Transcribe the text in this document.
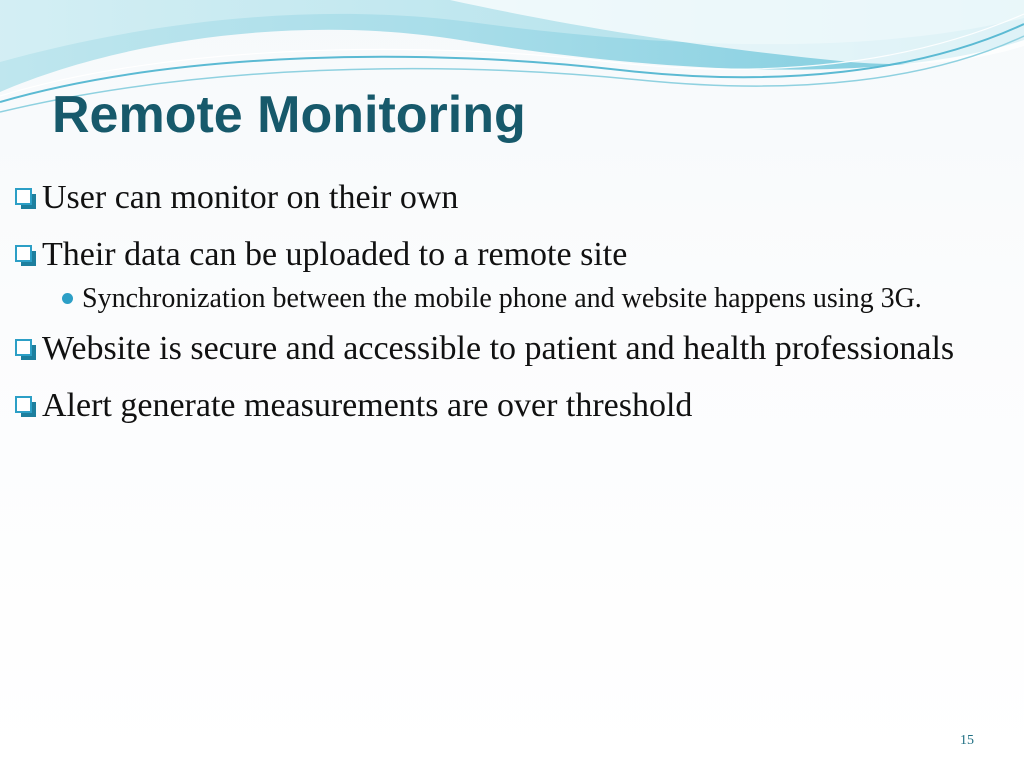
Remote Monitoring
User can monitor on their own
Their data can be uploaded to a remote site
Synchronization between the mobile phone and website happens using 3G.
Website is secure and accessible to patient and health professionals
Alert generate measurements are over threshold
15
